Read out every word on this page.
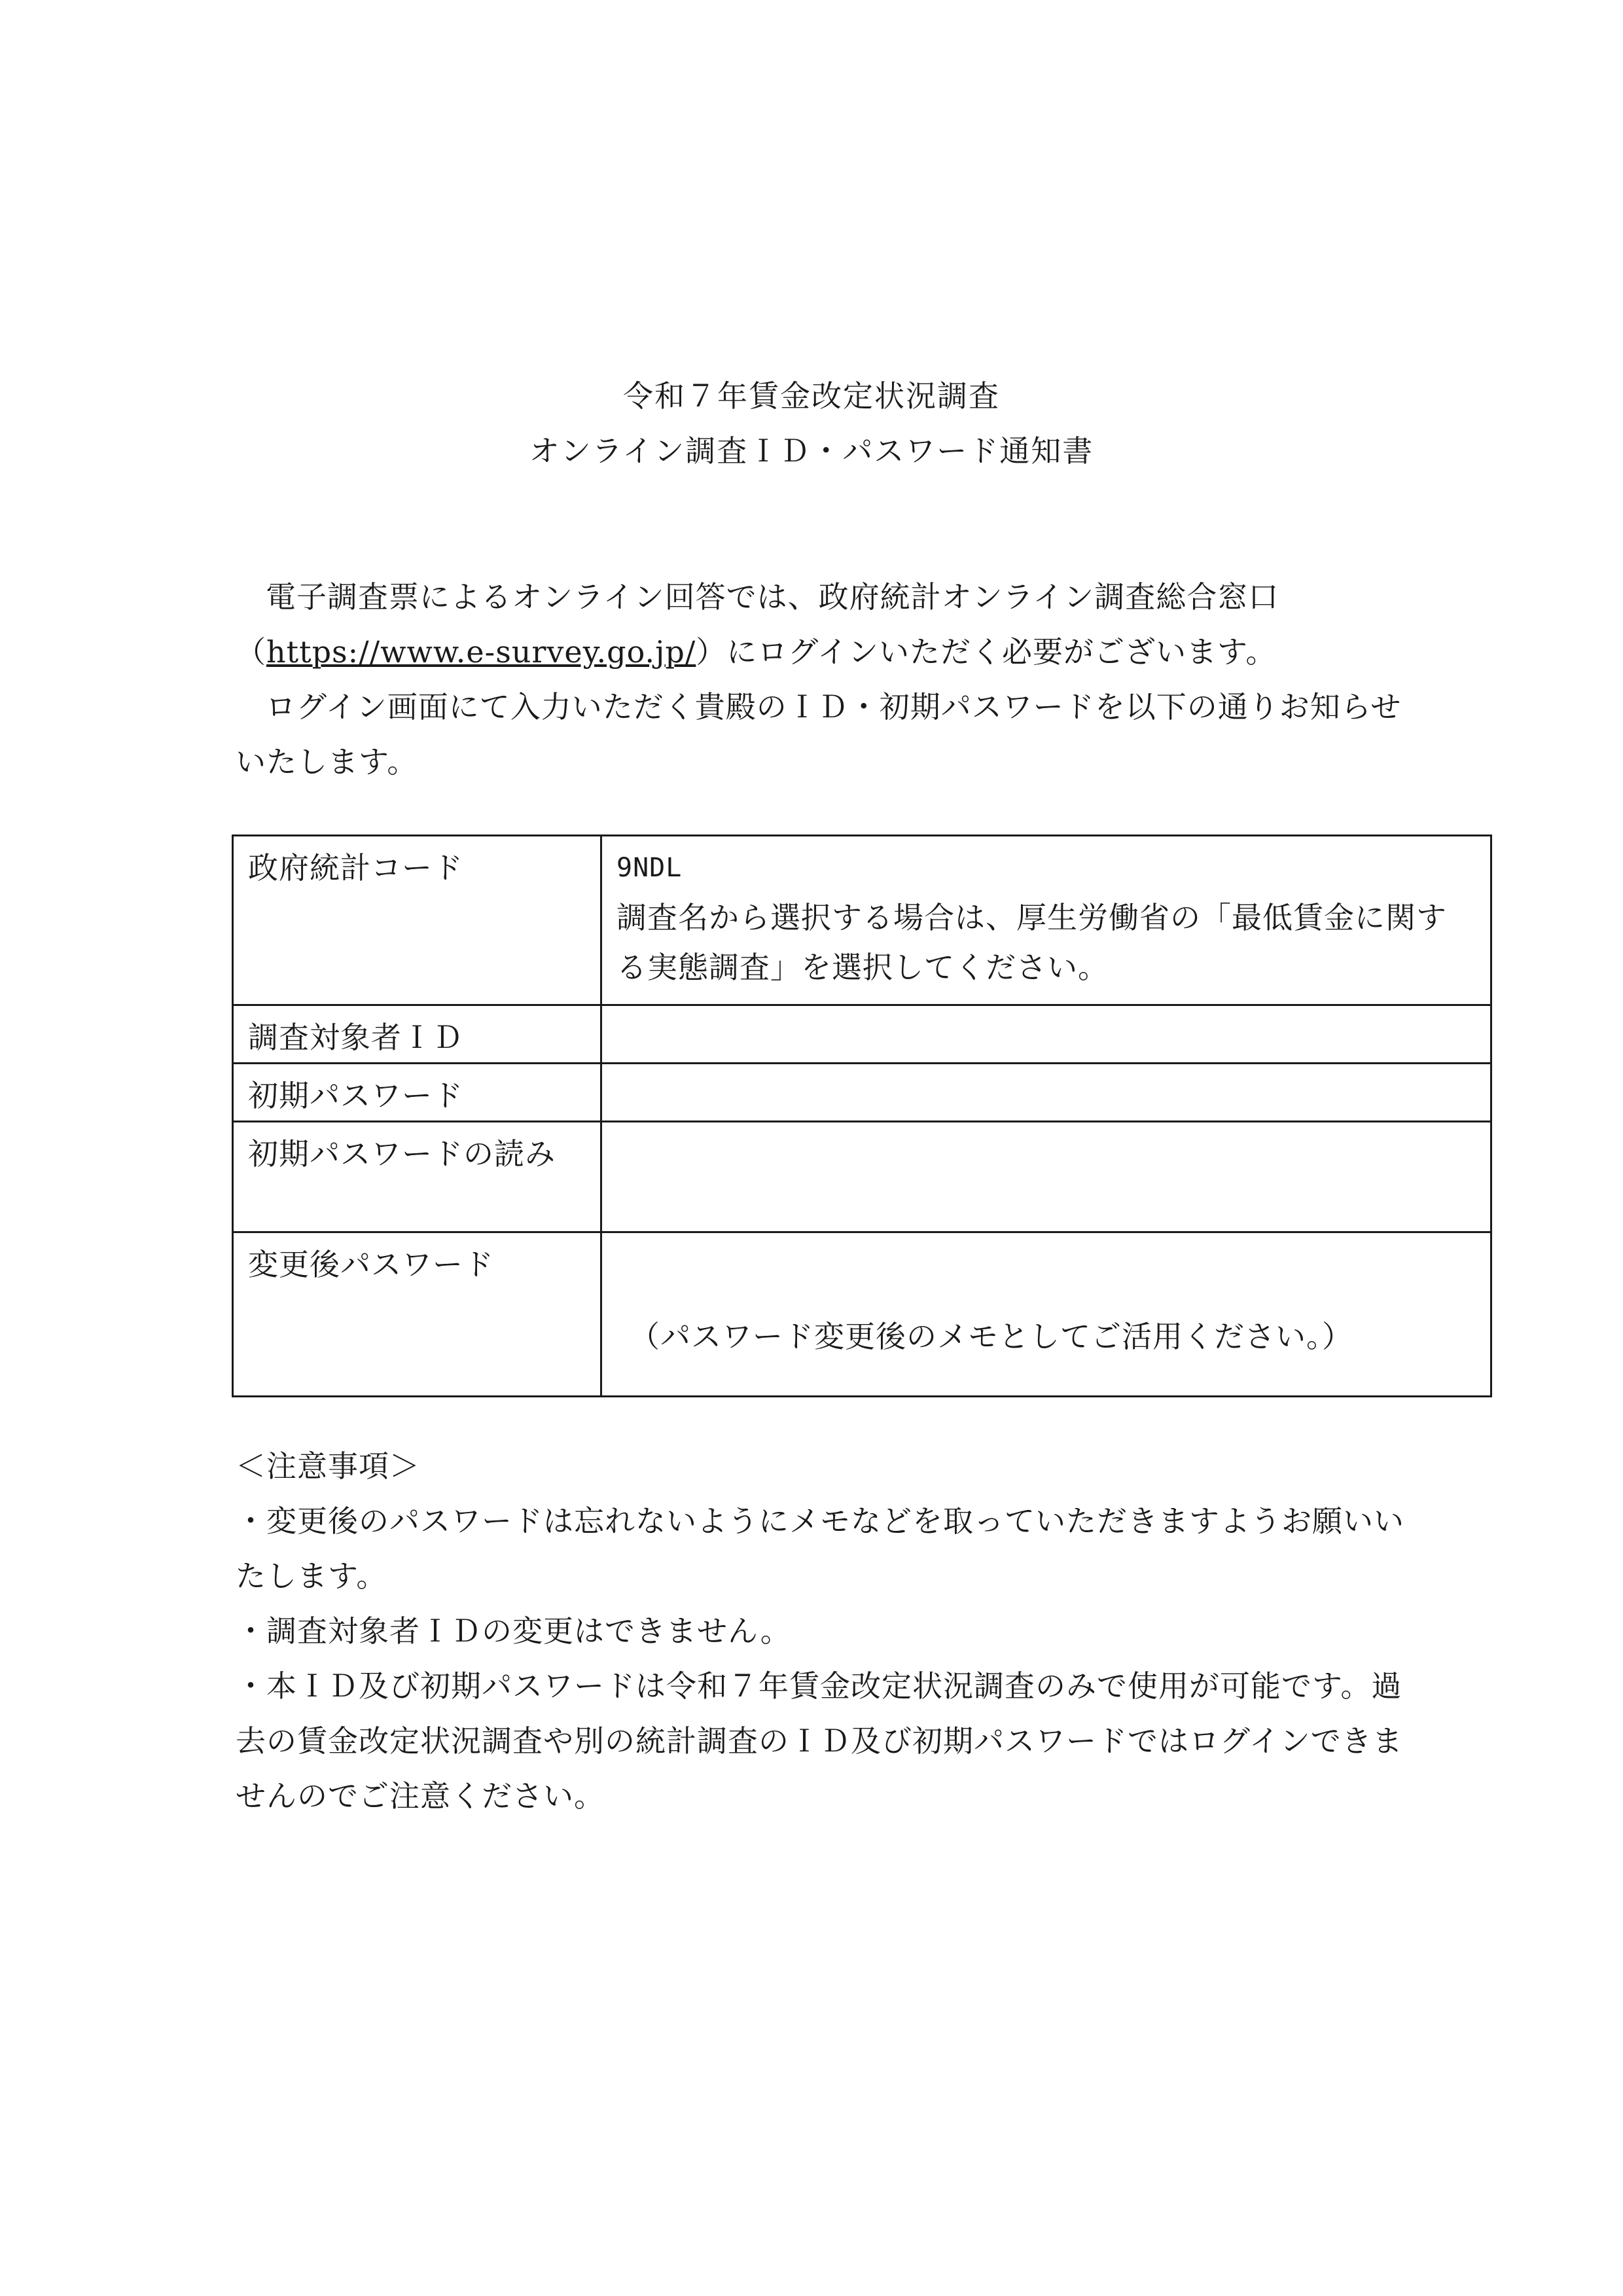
令和７年賃金改定状況調査
オンライン調査ＩＤ・パスワード通知書

電子調査票によるオンライン回答では、政府統計オンライン調査総合窓口（https://www.e-survey.go.jp/）にログインいただく必要がございます。

ログイン画面にて入力いただく貴殿のＩＤ・初期パスワードを以下の通りお知らせいたします。

政府統計コード	9NDL
調査名から選択する場合は、厚生労働省の「最低賃金に関する実態調査」を選択してください。

調査対象者ＩＤ	
初期パスワード	
初期パスワードの読み	
変更後パスワード	（パスワード変更後のメモとしてご活用ください。）

＜注意事項＞

・変更後のパスワードは忘れないようにメモなどを取っていただきますようお願いいたします。

・調査対象者ＩＤの変更はできません。

・本ＩＤ及び初期パスワードは令和７年賃金改定状況調査のみで使用が可能です。過去の賃金改定状況調査や別の統計調査のＩＤ及び初期パスワードではログインできませんのでご注意ください。
